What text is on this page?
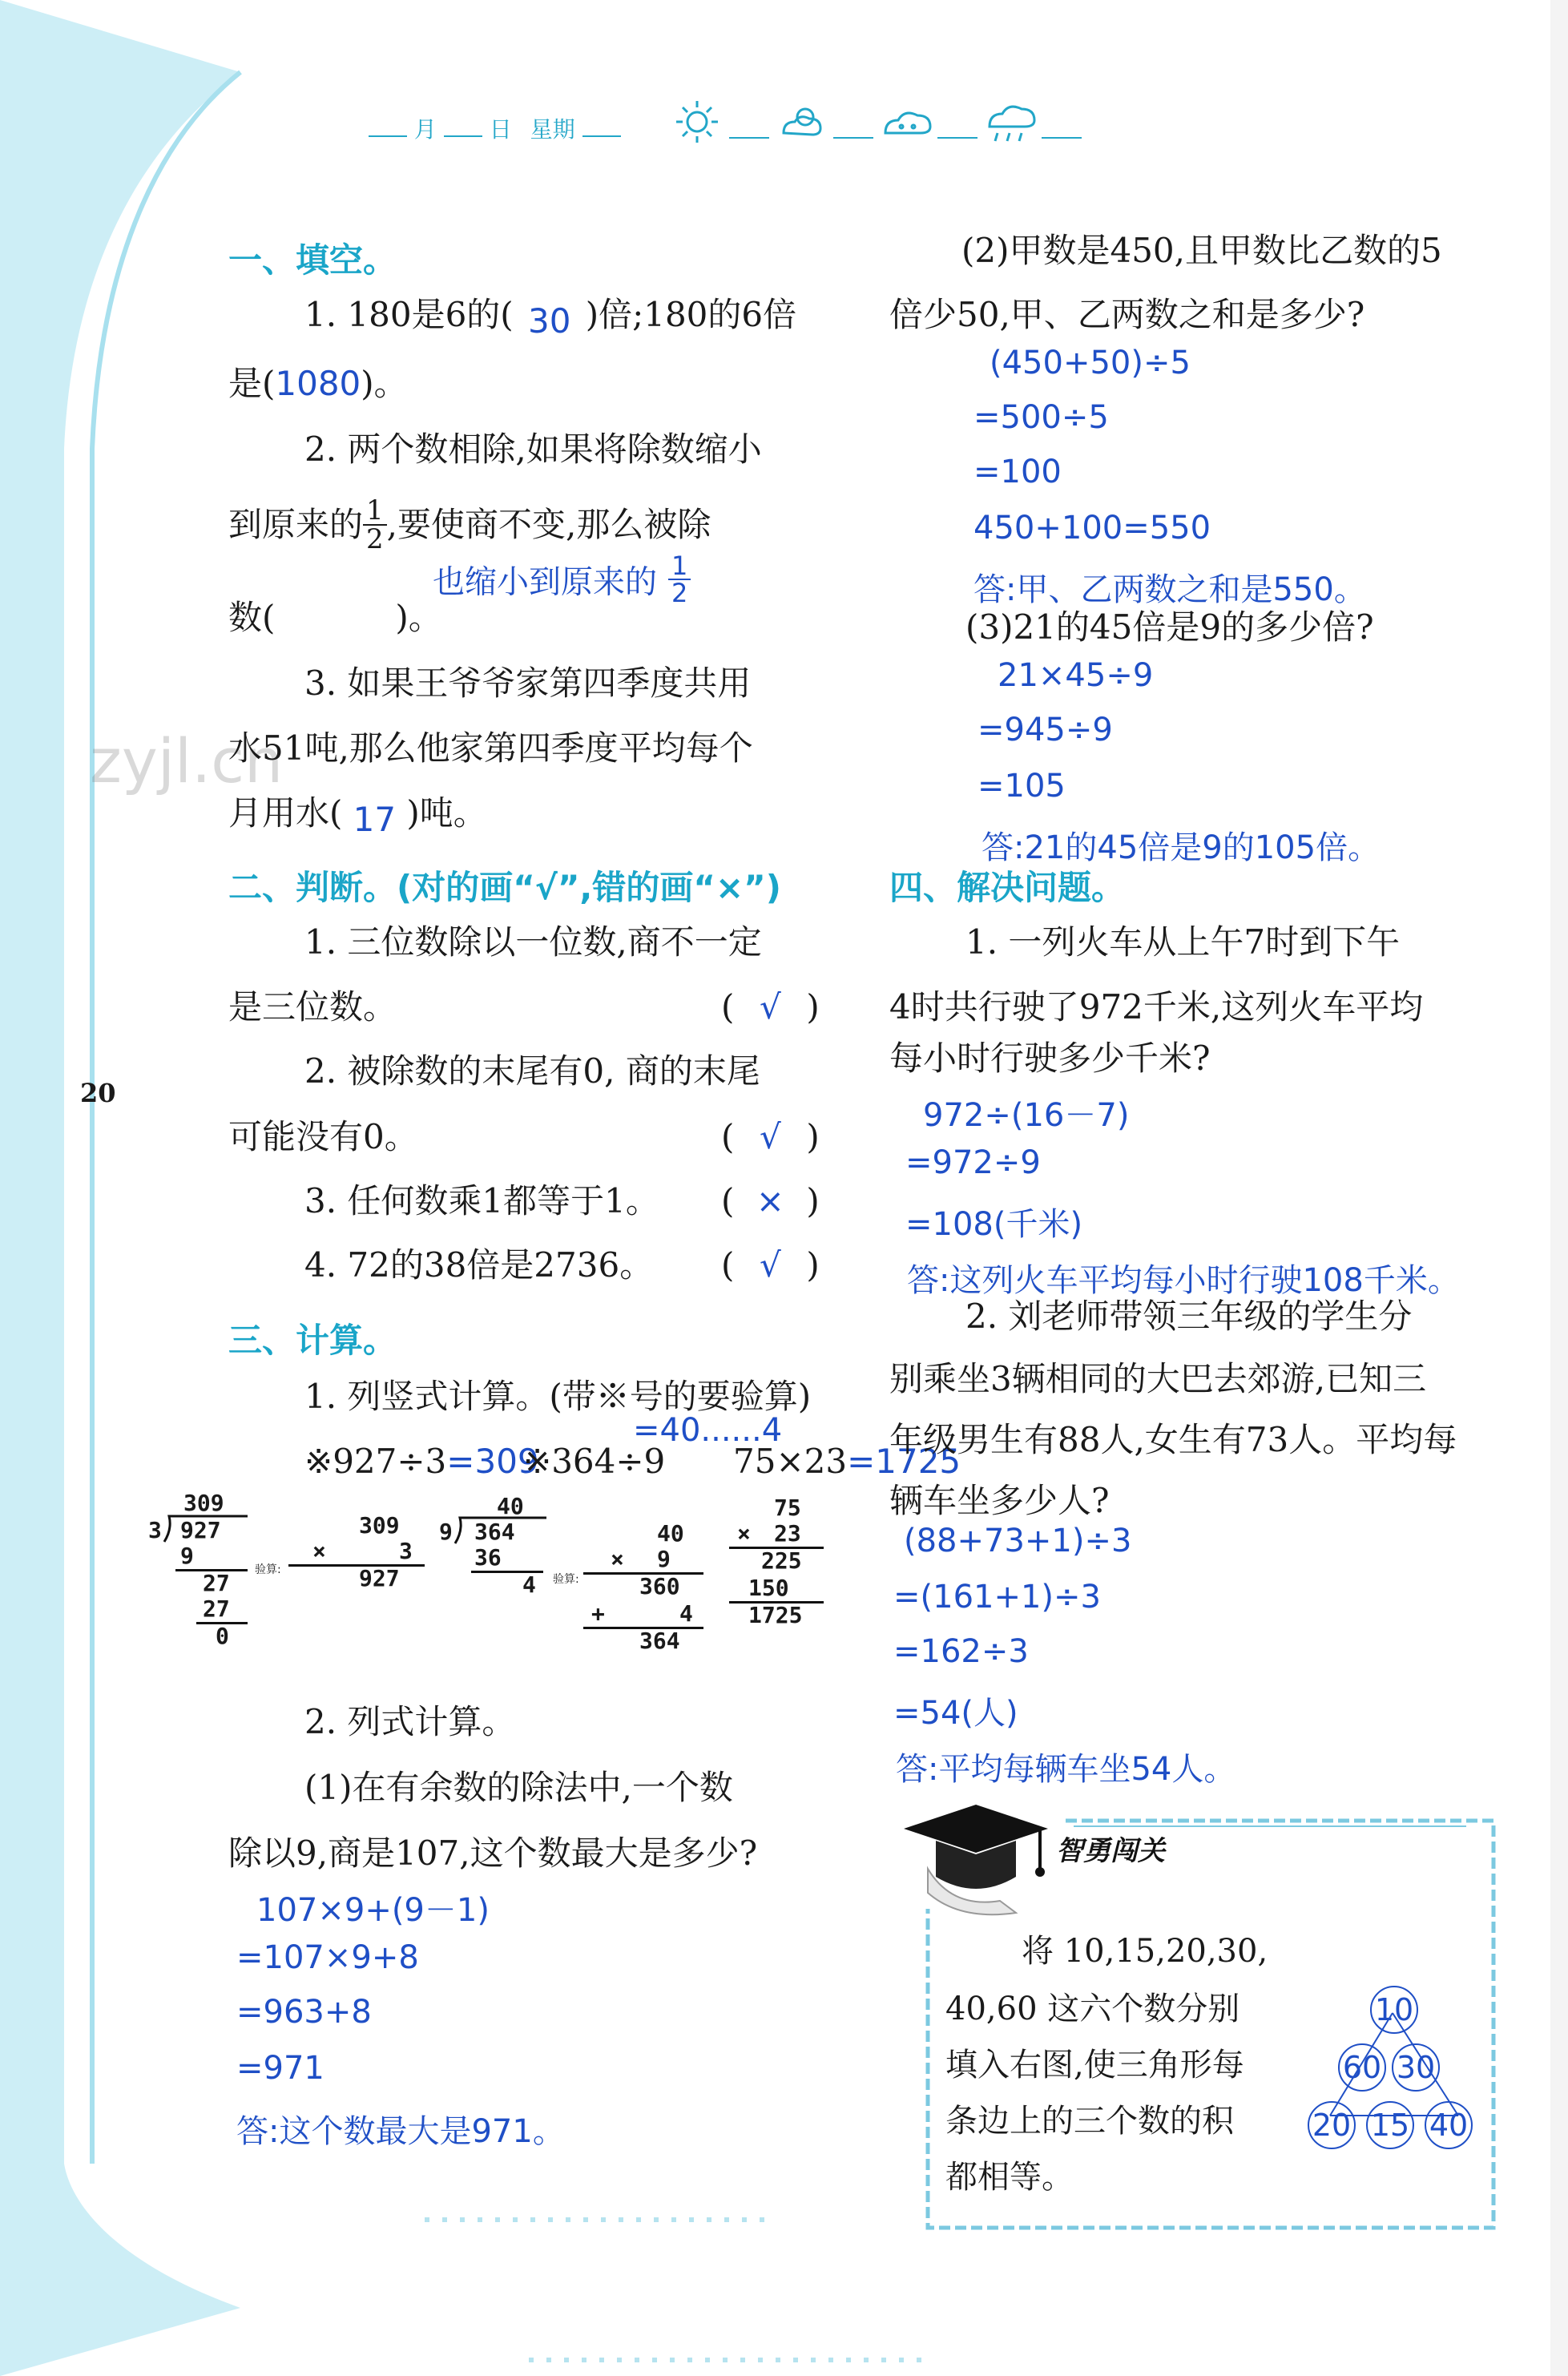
月 日 星期
20
zyjl.cn
一、填空。
1. 180是6的( 30 )倍;180的6倍
是(1080)。
2. 两个数相除,如果将除数缩小
到原来的 $\frac{1}{2}$ ,要使商不变,那么被除
也缩小到原来的 $\frac{1}{2}$
数(	)。
3. 如果王爷爷家第四季度共用
水51吨,那么他家第四季度平均每个
月用水( 17 )吨。
二、判断。(对的画“√”,错的画“×”)
1. 三位数除以一位数,商不一定
是三位数。	( √ )
2. 被除数的末尾有0, 商的末尾
可能没有0。	( √ )
3. 任何数乘1都等于1。 ( × )
4. 72的38倍是2736。 ( √ )
三、计算。
1. 列竖式计算。(带※号的要验算)
※927÷3=309
※364÷9
=40......4
75×23=1725
309
3 927
9
27
27
0
验算:
309
×	3
927
40
9 364
36
4 验算:
40
× 9
360
+	4
364
75
× 23
225
150
1725
2. 列式计算。
(1)在有余数的除法中,一个数
除以9,商是107,这个数最大是多少?
107×9+(9－1)
=107×9+8
=963+8
=971
答:这个数最大是971。
(2)甲数是450,且甲数比乙数的5
倍少50,甲、乙两数之和是多少?
(450+50)÷5
=500÷5
=100
450+100=550
答:甲、乙两数之和是550。
(3)21的45倍是9的多少倍?
21×45÷9
=945÷9
=105
答:21的45倍是9的105倍。
四、解决问题。
1. 一列火车从上午7时到下午
4时共行驶了972千米,这列火车平均
每小时行驶多少千米?
972÷(16－7)
=972÷9
=108(千米)
答:这列火车平均每小时行驶108千米。
2. 刘老师带领三年级的学生分
别乘坐3辆相同的大巴去郊游,已知三
年级男生有88人,女生有73人。平均每
辆车坐多少人?
(88+73+1)÷3
=(161+1)÷3
=162÷3
=54(人)
答:平均每辆车坐54人。
智勇闯关
将 10,15,20,30,
40,60 这六个数分别
填入右图,使三角形每
条边上的三个数的积
都相等。
10
60 30
20 15 40
